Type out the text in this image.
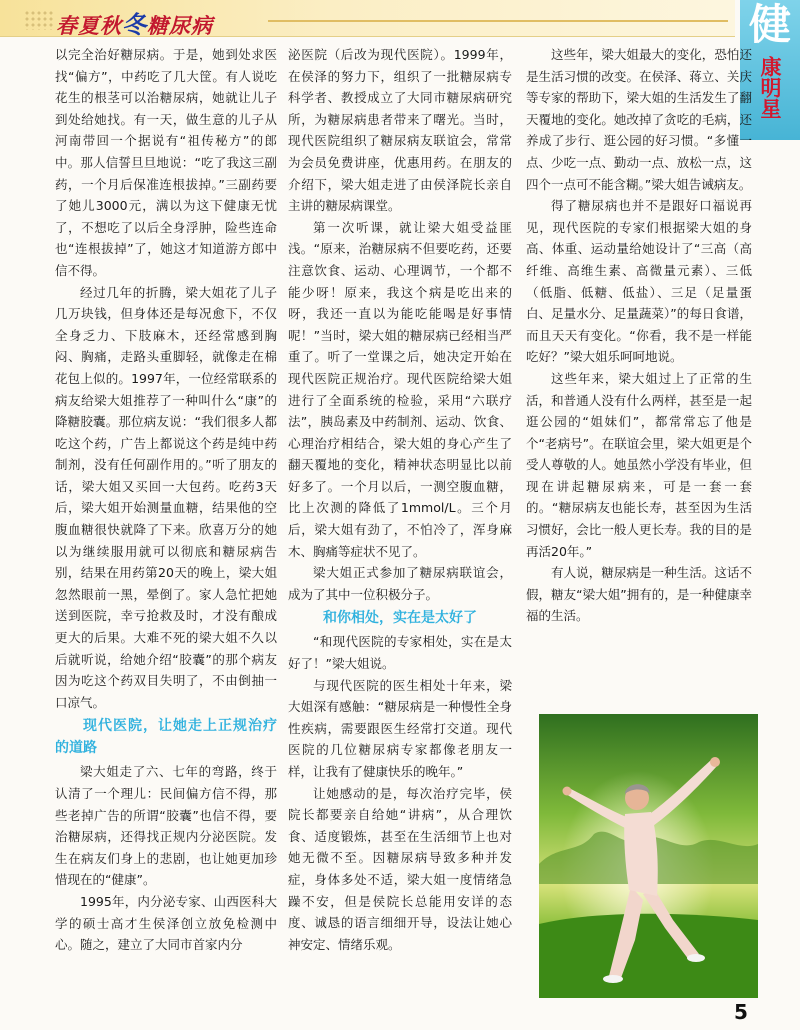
春夏秋冬糖尿病	健
康明星

以完全治好糖尿病。于是，她到处求医找“偏方”，中药吃了几大筐。有人说吃花生的根茎可以治糖尿病，她就让儿子到处给她找。有一天，做生意的儿子从河南带回一个据说有“祖传秘方”的郎中。那人信誓旦旦地说：“吃了我这三副药，一个月后保准连根拔掉。”三副药要了她儿3000元，满以为这下健康无忧了，不想吃了以后全身浮肿，险些连命也“连根拔掉”了，她这才知道游方郎中信不得。

经过几年的折腾，梁大姐花了儿子几万块钱，但身体还是每况愈下，不仅全身乏力、下肢麻木，还经常感到胸闷、胸痛，走路头重脚轻，就像走在棉花包上似的。1997年，一位经常联系的病友给梁大姐推荐了一种叫什么“康”的降糖胶囊。那位病友说：“我们很多人都吃这个药，广告上都说这个药是纯中药制剂，没有任何副作用的。”听了朋友的话，梁大姐又买回一大包药。吃药3天后，梁大姐开始测量血糖，结果他的空腹血糖很快就降了下来。欣喜万分的她以为继续服用就可以彻底和糖尿病告别，结果在用药第20天的晚上，梁大姐忽然眼前一黑，晕倒了。家人急忙把她送到医院，幸亏抢救及时，才没有酿成更大的后果。大难不死的梁大姐不久以后就听说，给她介绍“胶囊”的那个病友因为吃这个药双目失明了，不由倒抽一口凉气。

现代医院，让她走上正规治疗的道路

梁大姐走了六、七年的弯路，终于认清了一个理儿：民间偏方信不得，那些老掉广告的所谓“胶囊”也信不得，要治糖尿病，还得找正规内分泌医院。发生在病友们身上的悲剧，也让她更加珍惜现在的“健康”。

1995年，内分泌专家、山西医科大学的硕士高才生侯泽创立放免检测中心。随之，建立了大同市首家内分

泌医院（后改为现代医院）。1999年，在侯泽的努力下，组织了一批糖尿病专科学者、教授成立了大同市糖尿病研究所，为糖尿病患者带来了曙光。当时，现代医院组织了糖尿病友联谊会，常常为会员免费讲座，优惠用药。在朋友的介绍下，梁大姐走进了由侯泽院长亲自主讲的糖尿病课堂。

第一次听课，就让梁大姐受益匪浅。“原来，治糖尿病不但要吃药，还要注意饮食、运动、心理调节，一个都不能少呀！原来，我这个病是吃出来的呀，我还一直以为能吃能喝是好事情呢！”当时，梁大姐的糖尿病已经相当严重了。听了一堂课之后，她决定开始在现代医院正规治疗。现代医院给梁大姐进行了全面系统的检验，采用“六联疗法”，胰岛素及中药制剂、运动、饮食、心理治疗相结合，梁大姐的身心产生了翻天覆地的变化，精神状态明显比以前好多了。一个月以后，一测空腹血糖，比上次测的降低了1mmol/L。三个月后，梁大姐有劲了，不怕冷了，浑身麻木、胸痛等症状不见了。

梁大姐正式参加了糖尿病联谊会，成为了其中一位积极分子。

和你相处，实在是太好了

“和现代医院的专家相处，实在是太好了！”梁大姐说。

与现代医院的医生相处十年来，梁大姐深有感触：“糖尿病是一种慢性全身性疾病，需要跟医生经常打交道。现代医院的几位糖尿病专家都像老朋友一样，让我有了健康快乐的晚年。”

让她感动的是，每次治疗完毕，侯院长都要亲自给她“讲病”，从合理饮食、适度锻炼，甚至在生活细节上也对她无微不至。因糖尿病导致多种并发症，身体多处不适，梁大姐一度情绪急躁不安，但是侯院长总能用安详的态度、诚恳的语言细细开导，设法让她心神安定、情绪乐观。

这些年，梁大姐最大的变化，恐怕还是生活习惯的改变。在侯泽、蒋立、关庆等专家的帮助下，梁大姐的生活发生了翻天覆地的变化。她改掉了贪吃的毛病，还养成了步行、逛公园的好习惯。“多懂一点、少吃一点、勤动一点、放松一点，这四个一点可不能含糊。”梁大姐告诫病友。

得了糖尿病也并不是跟好口福说再见，现代医院的专家们根据梁大姐的身高、体重、运动量给她设计了“三高（高纤维、高维生素、高微量元素）、三低（低脂、低糖、低盐）、三足（足量蛋白、足量水分、足量蔬菜）”的每日食谱，而且天天有变化。“你看，我不是一样能吃好？”梁大姐乐呵呵地说。

这些年来，梁大姐过上了正常的生活，和普通人没有什么两样，甚至是一起逛公园的“姐妹们”，都常常忘了他是个“老病号”。在联谊会里，梁大姐更是个受人尊敬的人。她虽然小学没有毕业，但现在讲起糖尿病来，可是一套一套的。“糖尿病友也能长寿，甚至因为生活习惯好，会比一般人更长寿。我的目的是再活20年。”

有人说，糖尿病是一种生活。这话不假，糖友“梁大姐”拥有的，是一种健康幸福的生活。

5
